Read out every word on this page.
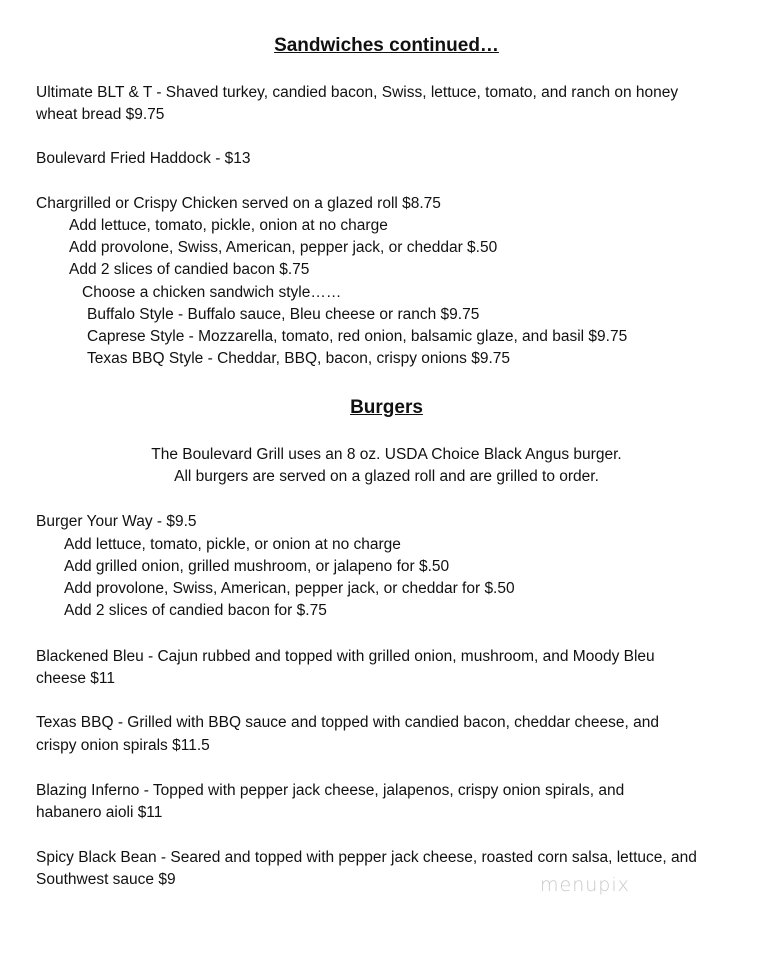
Sandwiches continued…
Ultimate BLT & T - Shaved turkey, candied bacon, Swiss, lettuce, tomato, and ranch on honey
wheat bread $9.75
Boulevard Fried Haddock - $13
Chargrilled or Crispy Chicken served on a glazed roll $8.75
Add lettuce, tomato, pickle, onion at no charge
Add provolone, Swiss, American, pepper jack, or cheddar $.50
Add 2 slices of candied bacon $.75
Choose a chicken sandwich style……
Buffalo Style - Buffalo sauce, Bleu cheese or ranch $9.75
Caprese Style - Mozzarella, tomato, red onion, balsamic glaze, and basil $9.75
Texas BBQ Style - Cheddar, BBQ, bacon, crispy onions $9.75
Burgers
The Boulevard Grill uses an 8 oz. USDA Choice Black Angus burger.
All burgers are served on a glazed roll and are grilled to order.
Burger Your Way - $9.5
Add lettuce, tomato, pickle, or onion at no charge
Add grilled onion, grilled mushroom, or jalapeno for $.50
Add provolone, Swiss, American, pepper jack, or cheddar for $.50
Add 2 slices of candied bacon for $.75
Blackened Bleu - Cajun rubbed and topped with grilled onion, mushroom, and Moody Bleu
cheese $11
Texas BBQ - Grilled with BBQ sauce and topped with candied bacon, cheddar cheese, and
crispy onion spirals $11.5
Blazing Inferno - Topped with pepper jack cheese, jalapenos, crispy onion spirals, and
habanero aioli $11
Spicy Black Bean - Seared and topped with pepper jack cheese, roasted corn salsa, lettuce, and
Southwest sauce $9	menupix
